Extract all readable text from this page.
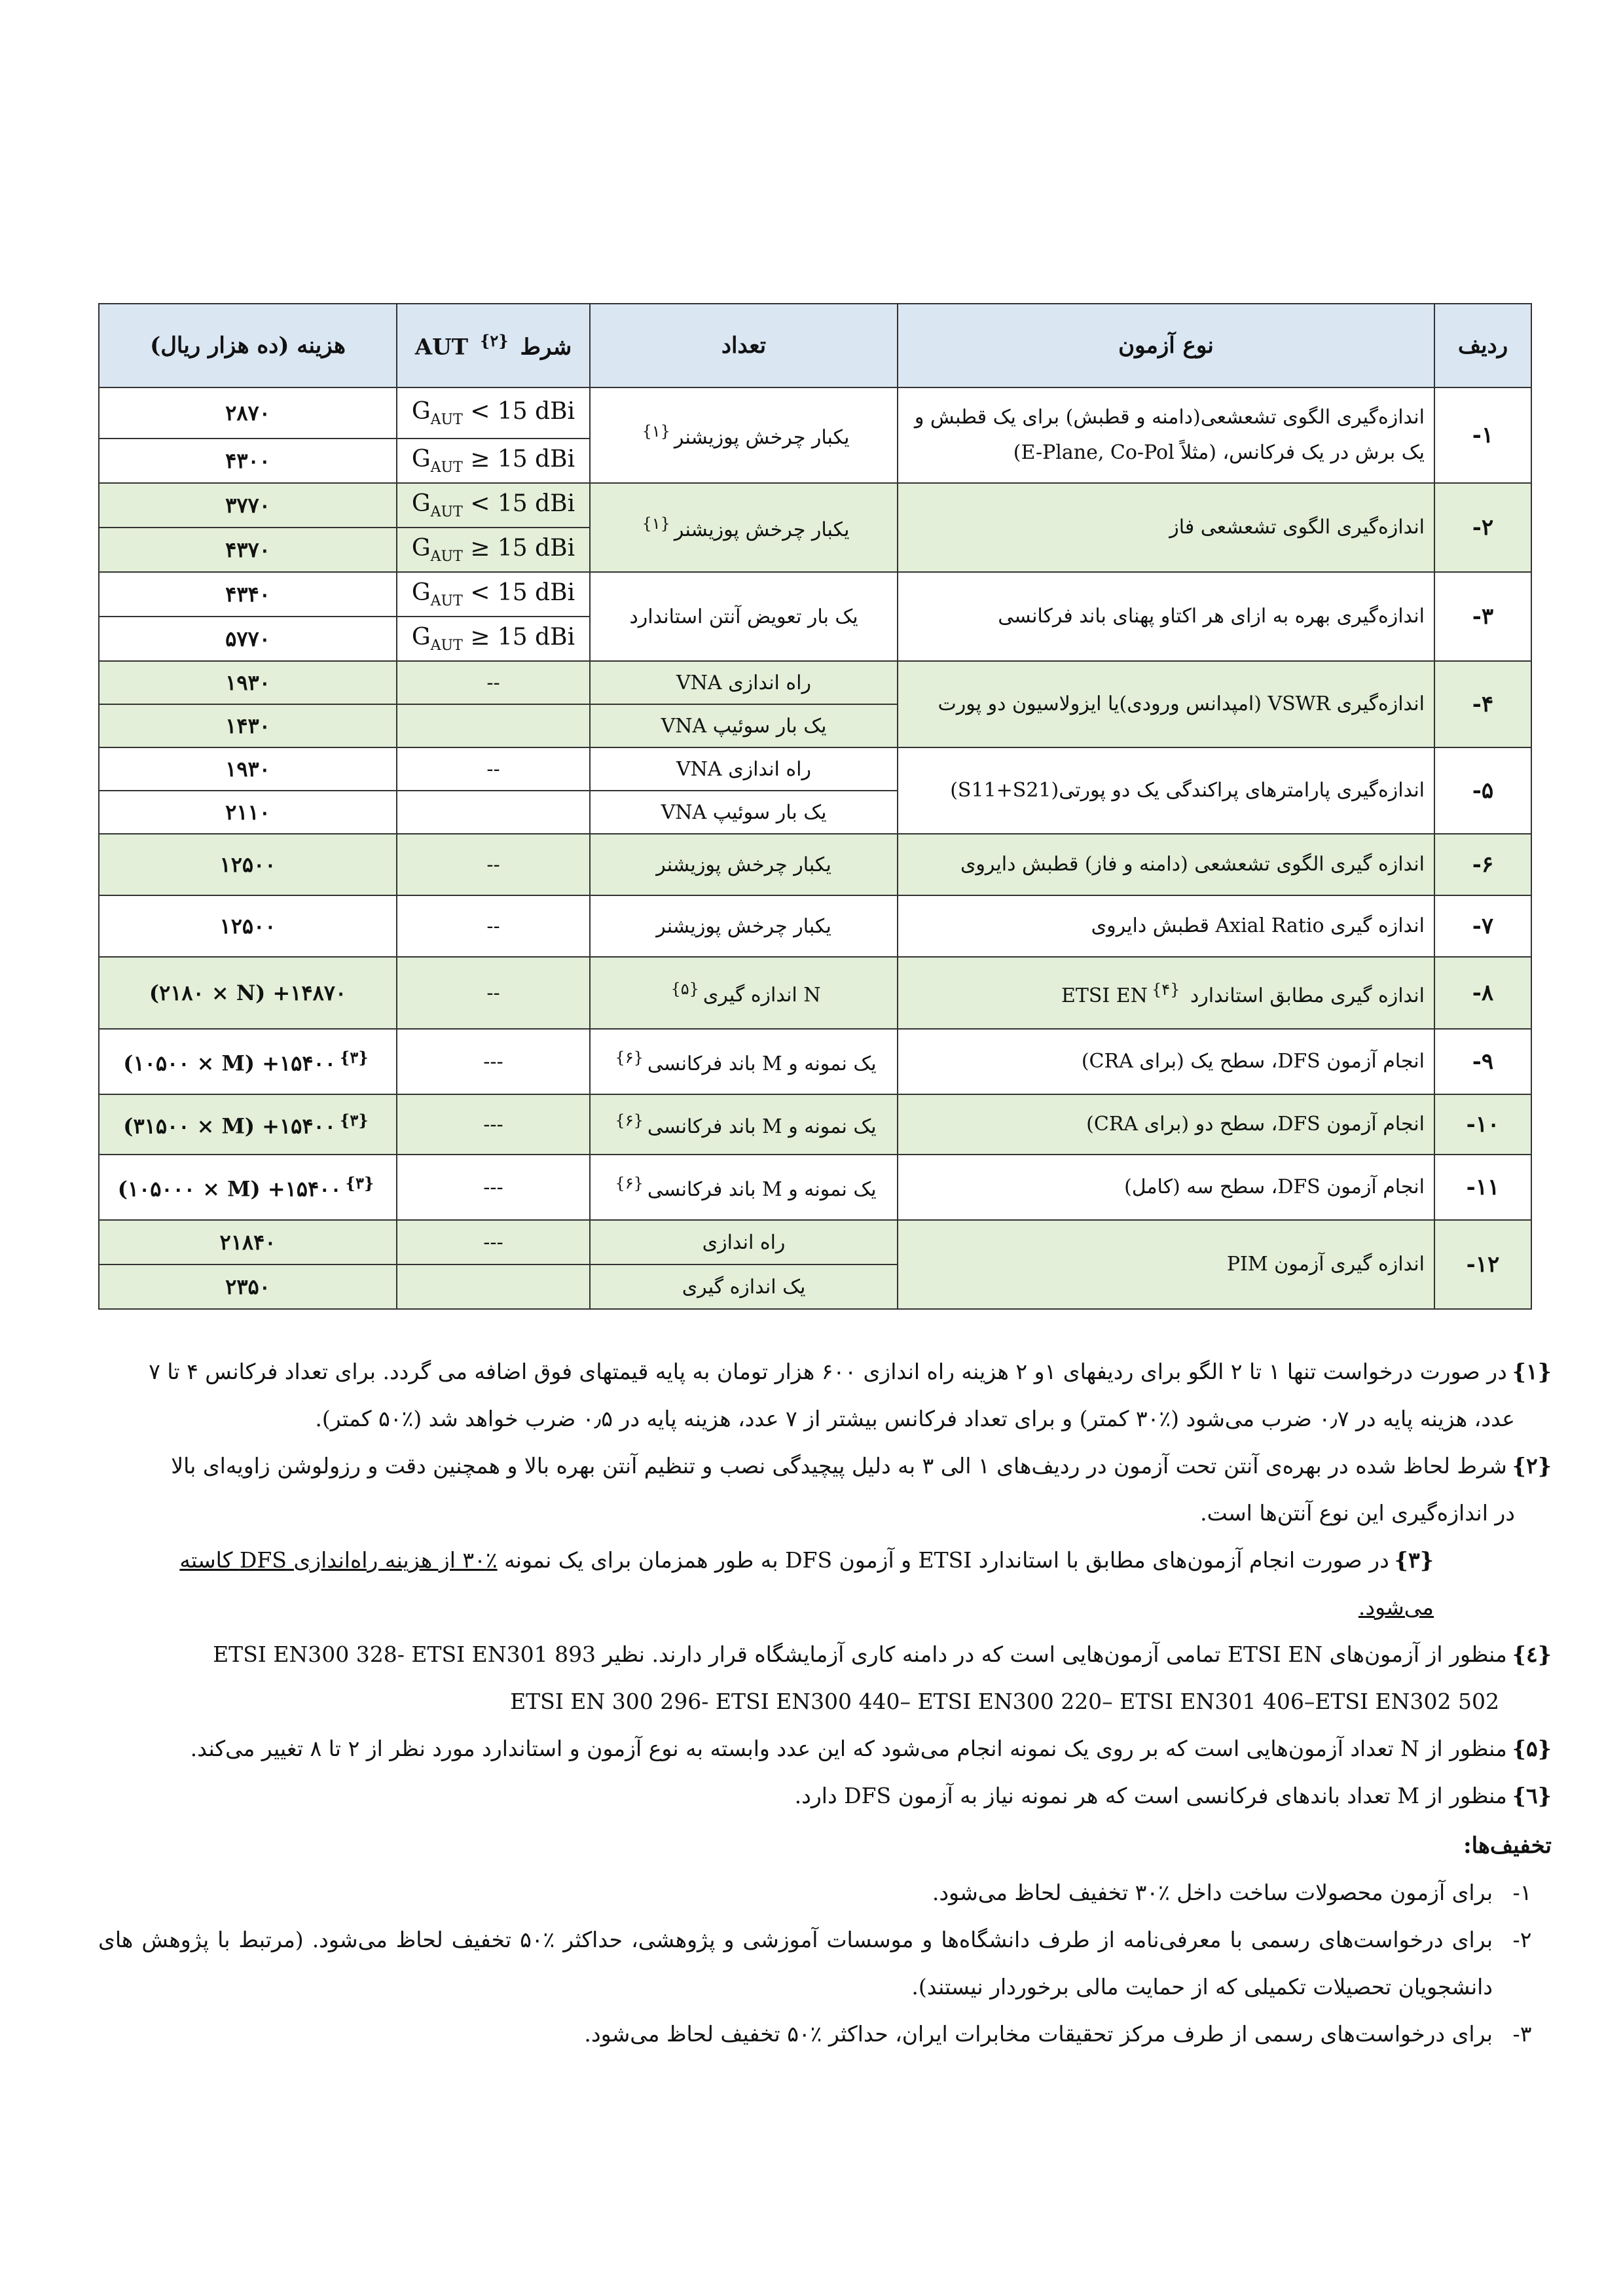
ردیف	نوع آزمون	تعداد	شرط $^{\{۲\}}$ AUT	هزینه (ده هزار ریال)
۱-	اندازه‌گیری الگوی تشعشعی(دامنه و قطبش) برای یک قطبش و یک برش در یک فرکانس، (مثلاً E-Plane, Co-Pol)	یکبار چرخش پوزیشنر$^{\{۱\}}$	$G_{AUT} < 15$ dBi	۲۸۷۰
			$G_{AUT} \ge 15$ dBi	۴۳۰۰
۲-	اندازه‌گیری الگوی تشعشعی فاز	یکبار چرخش پوزیشنر$^{\{۱\}}$	$G_{AUT} < 15$ dBi	۳۷۷۰
			$G_{AUT} \ge 15$ dBi	۴۳۷۰
۳-	اندازه‌گیری بهره به ازای هر اکتاو پهنای باند فرکانسی	یک بار تعویض آنتن استاندارد	$G_{AUT} < 15$ dBi	۴۳۴۰
			$G_{AUT} \ge 15$ dBi	۵۷۷۰
۴-	اندازه‌گیری VSWR (امپدانس ورودی)یا ایزولاسیون دو پورت	راه اندازی VNA	--	۱۹۳۰
		یک بار سوئیپ VNA		۱۴۳۰
۵-	اندازه‌گیری پارامترهای پراکندگی یک دو پورتی(S11+S21)	راه اندازی VNA	--	۱۹۳۰
		یک بار سوئیپ VNA		۲۱۱۰
۶-	اندازه گیری الگوی تشعشعی (دامنه و فاز) قطبش دایروی	یکبار چرخش پوزیشنر	--	۱۲۵۰۰
۷-	اندازه گیری Axial Ratio قطبش دایروی	یکبار چرخش پوزیشنر	--	۱۲۵۰۰
۸-	اندازه گیری مطابق استاندارد ETSI $EN^{\{۴\}}$	N اندازه گیری$^{\{۵\}}$	--	(۲۱۸۰ × N) +۱۴۸۷۰
۹-	انجام آزمون DFS، سطح یک (برای CRA)	یک نمونه و M باند فرکانسی$^{\{۶\}}$	---	(۱۰۵۰۰ × M) +۱۵۴۰۰ $^{\{۳\}}$
۱۰-	انجام آزمون DFS، سطح دو (برای CRA)	یک نمونه و M باند فرکانسی$^{\{۶\}}$	---	(۳۱۵۰۰ × M) +۱۵۴۰۰ $^{\{۳\}}$
۱۱-	انجام آزمون DFS، سطح سه (کامل)	یک نمونه و M باند فرکانسی$^{\{۶\}}$	---	(۱۰۵۰۰۰ × M) +۱۵۴۰۰ $^{\{۳\}}$
۱۲-	اندازه گیری آزمون PIM	راه اندازی	---	۲۱۸۴۰
		یک اندازه گیری		۲۳۵۰
{۱}در صورت درخواست تنها ۱ تا ۲ الگو برای ردیفهای ۱و ۲ هزینه راه اندازی ۶۰۰ هزار تومان به پایه قیمتهای فوق اضافه می گردد. برای تعداد فرکانس ۴ تا ۷
عدد، هزینه پایه در ۰٫۷ ضرب می‌شود (٪۳۰ کمتر) و برای تعداد فرکانس بیشتر از ۷ عدد، هزینه پایه در ۰٫۵ ضرب خواهد شد (٪۵۰ کمتر).
{۲}شرط لحاظ شده در بهره‌ی آنتن تحت آزمون در ردیف‌های ۱ الی ۳ به دلیل پیچیدگی نصب و تنظیم آنتن بهره بالا و همچنین دقت و رزولوشن زاویه‌ای بالا
در اندازه‌گیری این نوع آنتن‌ها است.
{۳}در صورت انجام آزمون‌های مطابق با استاندارد ETSI و آزمون DFS به طور همزمان برای یک نمونه ٪۳۰ از هزینه راه‌اندازی DFS کاسته می‌شود.
{٤}منظور از آزمون‌های ETSI EN تمامی آزمون‌هایی است که در دامنه کاری آزمایشگاه قرار دارند. نظیر ETSI EN300 328- ETSI EN301 893
ETSI EN 300 296- ETSI EN300 440– ETSI EN300 220– ETSI EN301 406–ETSI EN302 502
{۵}منظور از N تعداد آزمون‌هایی است که بر روی یک نمونه انجام می‌شود که این عدد وابسته به نوع آزمون و استاندارد مورد نظر از ۲ تا ۸ تغییر می‌کند.
{٦}منظور از M تعداد باندهای فرکانسی است که هر نمونه نیاز به آزمون DFS دارد.
تخفیف‌ها:
۱-
برای آزمون محصولات ساخت داخل ٪۳۰ تخفیف لحاظ می‌شود.
۲-
برای درخواست‌های رسمی با معرفی‌نامه از طرف دانشگاه‌ها و موسسات آموزشی و پژوهشی، حداکثر ٪۵۰ تخفیف لحاظ می‌شود. (مرتبط با پژوهش های دانشجویان تحصیلات تکمیلی که از حمایت مالی برخوردار نیستند).
۳-
برای درخواست‌های رسمی از طرف مرکز تحقیقات مخابرات ایران، حداکثر ٪۵۰ تخفیف لحاظ می‌شود.
